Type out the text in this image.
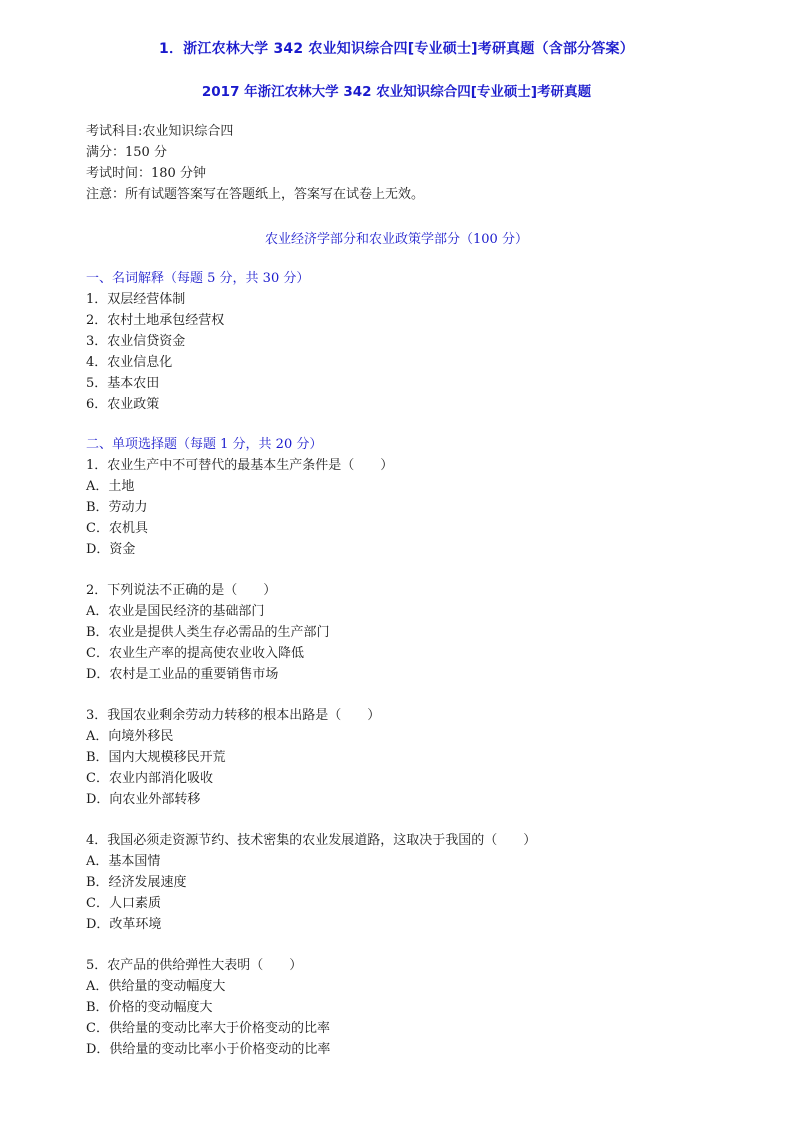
1．浙江农林大学 342 农业知识综合四[专业硕士]考研真题（含部分答案）
2017 年浙江农林大学 342 农业知识综合四[专业硕士]考研真题
考试科目:农业知识综合四
满分：150 分
考试时间：180 分钟
注意：所有试题答案写在答题纸上，答案写在试卷上无效。
农业经济学部分和农业政策学部分（100 分）
一、名词解释（每题 5 分，共 30 分）
1．双层经营体制
2．农村土地承包经营权
3．农业信贷资金
4．农业信息化
5．基本农田
6．农业政策
二、单项选择题（每题 1 分，共 20 分）
1．农业生产中不可替代的最基本生产条件是（　　）
A．土地
B．劳动力
C．农机具
D．资金
2．下列说法不正确的是（　　）
A．农业是国民经济的基础部门
B．农业是提供人类生存必需品的生产部门
C．农业生产率的提高使农业收入降低
D．农村是工业品的重要销售市场
3．我国农业剩余劳动力转移的根本出路是（　　）
A．向境外移民
B．国内大规模移民开荒
C．农业内部消化吸收
D．向农业外部转移
4．我国必须走资源节约、技术密集的农业发展道路，这取决于我国的（　　）
A．基本国情
B．经济发展速度
C．人口素质
D．改革环境
5．农产品的供给弹性大表明（　　）
A．供给量的变动幅度大
B．价格的变动幅度大
C．供给量的变动比率大于价格变动的比率
D．供给量的变动比率小于价格变动的比率
